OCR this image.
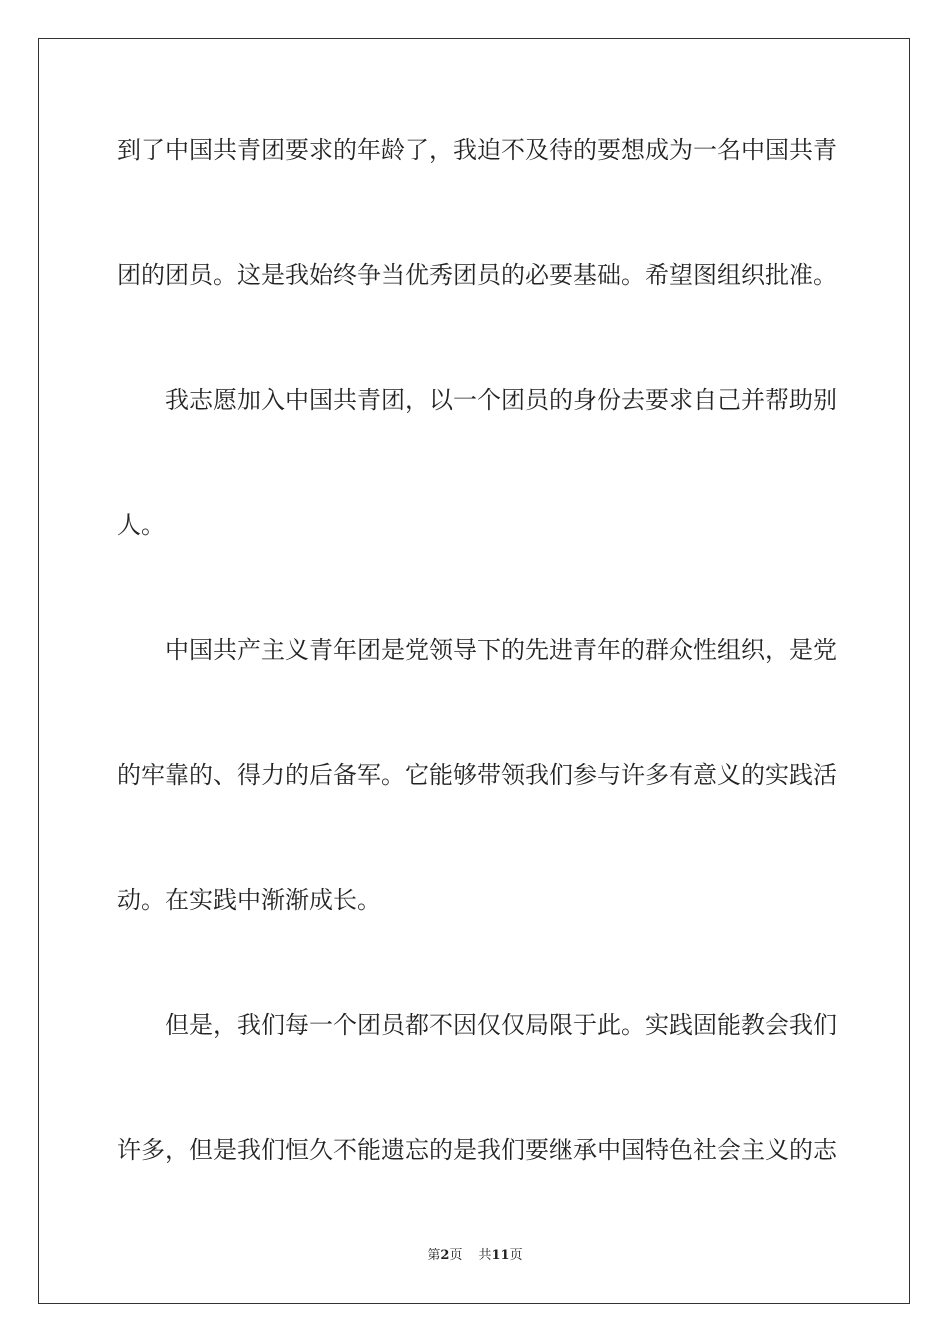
到了中国共青团要求的年龄了，我迫不及待的要想成为一名中国共青
团的团员。这是我始终争当优秀团员的必要基础。希望图组织批准。
我志愿加入中国共青团，以一个团员的身份去要求自己并帮助别
人。
中国共产主义青年团是党领导下的先进青年的群众性组织，是党
的牢靠的、得力的后备军。它能够带领我们参与许多有意义的实践活
动。在实践中渐渐成长。
但是，我们每一个团员都不因仅仅局限于此。实践固能教会我们
许多，但是我们恒久不能遗忘的是我们要继承中国特色社会主义的志
第2页 共11页
